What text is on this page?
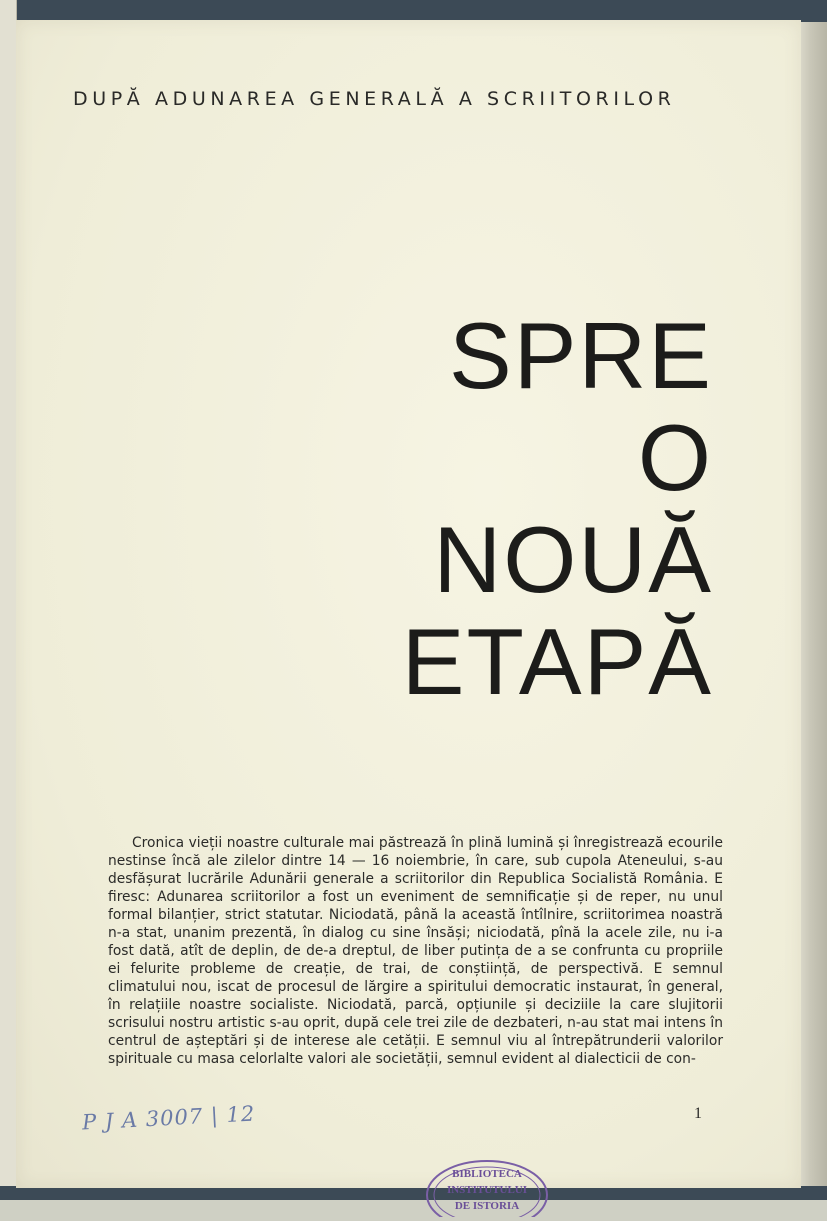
DUPĂ ADUNAREA GENERALĂ A SCRIITORILOR
SPRE
O
NOUĂ
ETAPĂ
Cronica vieții noastre culturale mai păstrează în plină lumină și înregistrează ecourile nestinse încă ale zilelor dintre 14 — 16 noiembrie, în care, sub cupola Ateneului, s-au desfășurat lucrările Adunării generale a scriitorilor din Republica Socialistă România. E firesc: Adunarea scriitorilor a fost un eveniment de semnificație și de reper, nu unul formal bilanțier, strict statutar. Niciodată, până la această întîlnire, scriitorimea noastră n-a stat, unanim prezentă, în dialog cu sine însăși; niciodată, pînă la acele zile, nu i-a fost dată, atît de deplin, de de-a dreptul, de liber putința de a se confrunta cu propriile ei felurite probleme de creație, de trai, de conștiință, de perspectivă. E semnul climatului nou, iscat de procesul de lărgire a spiritului democratic instaurat, în general, în relațiile noastre socialiste. Niciodată, parcă, opțiunile și deciziile la care slujitorii scrisului nostru artistic s-au oprit, după cele trei zile de dezbateri, n-au stat mai intens în centrul de așteptări și de interese ale cetății. E semnul viu al întrepătrunderii valorilor spirituale cu masa celorlalte valori ale societății, semnul evident al dialecticii de con-
P J A 3007 | 12	1
BIBLIOTECA
INSTITUTULUI
DE ISTORIA
